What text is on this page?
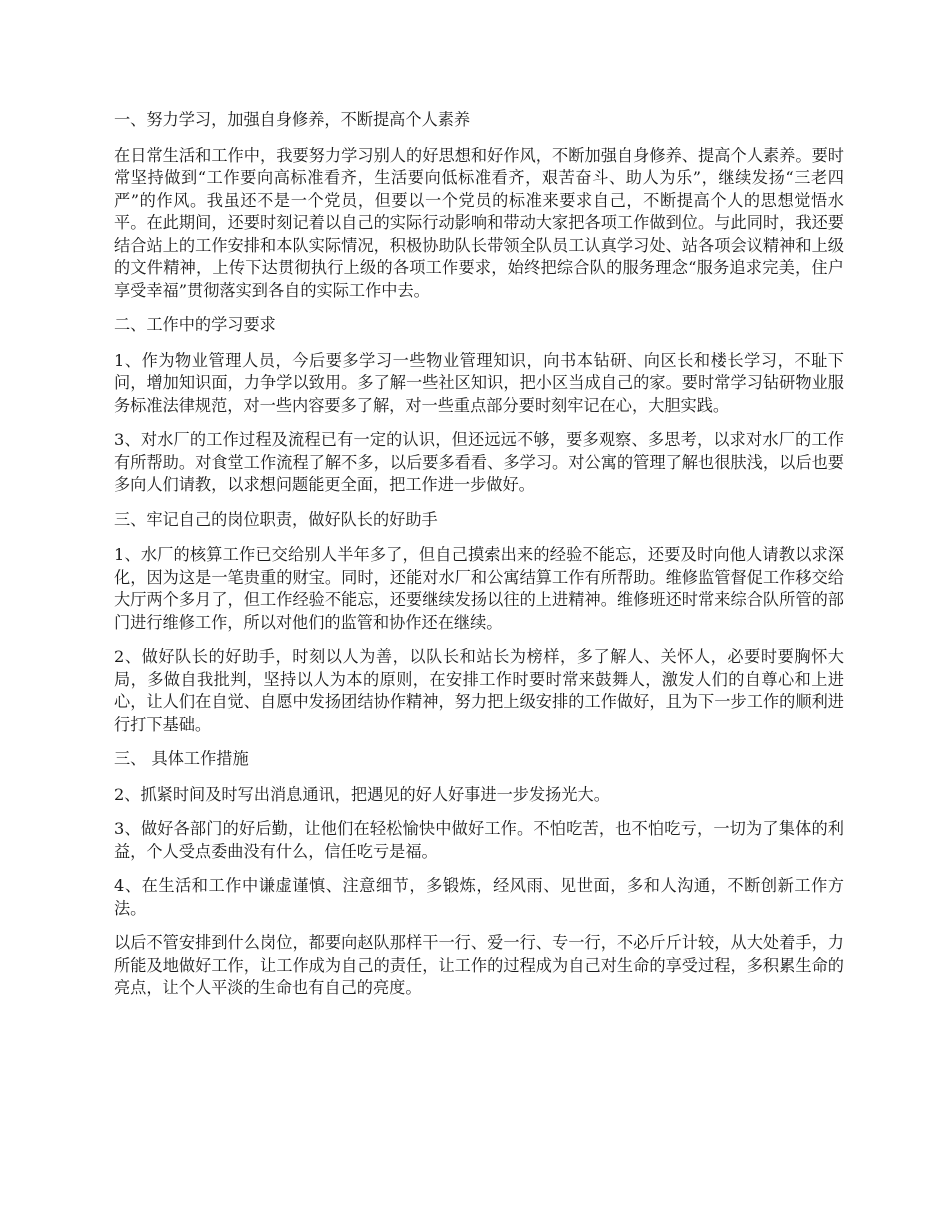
一、努力学习，加强自身修养，不断提高个人素养

在日常生活和工作中，我要努力学习别人的好思想和好作风，不断加强自身修养、提高个人素养。要时常坚持做到“工作要向高标准看齐，生活要向低标准看齐，艰苦奋斗、助人为乐”，继续发扬“三老四严”的作风。我虽还不是一个党员，但要以一个党员的标准来要求自己，不断提高个人的思想觉悟水平。在此期间，还要时刻记着以自己的实际行动影响和带动大家把各项工作做到位。与此同时，我还要结合站上的工作安排和本队实际情况，积极协助队长带领全队员工认真学习处、站各项会议精神和上级的文件精神，上传下达贯彻执行上级的各项工作要求，始终把综合队的服务理念“服务追求完美，住户享受幸福”贯彻落实到各自的实际工作中去。

二、工作中的学习要求

1、作为物业管理人员，今后要多学习一些物业管理知识，向书本钻研、向区长和楼长学习，不耻下问，增加知识面，力争学以致用。多了解一些社区知识，把小区当成自己的家。要时常学习钻研物业服务标准法律规范，对一些内容要多了解，对一些重点部分要时刻牢记在心，大胆实践。

3、对水厂的工作过程及流程已有一定的认识，但还远远不够，要多观察、多思考，以求对水厂的工作有所帮助。对食堂工作流程了解不多，以后要多看看、多学习。对公寓的管理了解也很肤浅，以后也要多向人们请教，以求想问题能更全面，把工作进一步做好。

三、牢记自己的岗位职责，做好队长的好助手

1、水厂的核算工作已交给别人半年多了，但自己摸索出来的经验不能忘，还要及时向他人请教以求深化，因为这是一笔贵重的财宝。同时，还能对水厂和公寓结算工作有所帮助。维修监管督促工作移交给大厅两个多月了，但工作经验不能忘，还要继续发扬以往的上进精神。维修班还时常来综合队所管的部门进行维修工作，所以对他们的监管和协作还在继续。

2、做好队长的好助手，时刻以人为善，以队长和站长为榜样，多了解人、关怀人，必要时要胸怀大局，多做自我批判，坚持以人为本的原则，在安排工作时要时常来鼓舞人，激发人们的自尊心和上进心，让人们在自觉、自愿中发扬团结协作精神，努力把上级安排的工作做好，且为下一步工作的顺利进行打下基础。

三、 具体工作措施

2、抓紧时间及时写出消息通讯，把遇见的好人好事进一步发扬光大。

3、做好各部门的好后勤，让他们在轻松愉快中做好工作。不怕吃苦，也不怕吃亏，一切为了集体的利益，个人受点委曲没有什么，信任吃亏是福。

4、在生活和工作中谦虚谨慎、注意细节，多锻炼，经风雨、见世面，多和人沟通，不断创新工作方法。

以后不管安排到什么岗位，都要向赵队那样干一行、爱一行、专一行，不必斤斤计较，从大处着手，力所能及地做好工作，让工作成为自己的责任，让工作的过程成为自己对生命的享受过程，多积累生命的亮点，让个人平淡的生命也有自己的亮度。
